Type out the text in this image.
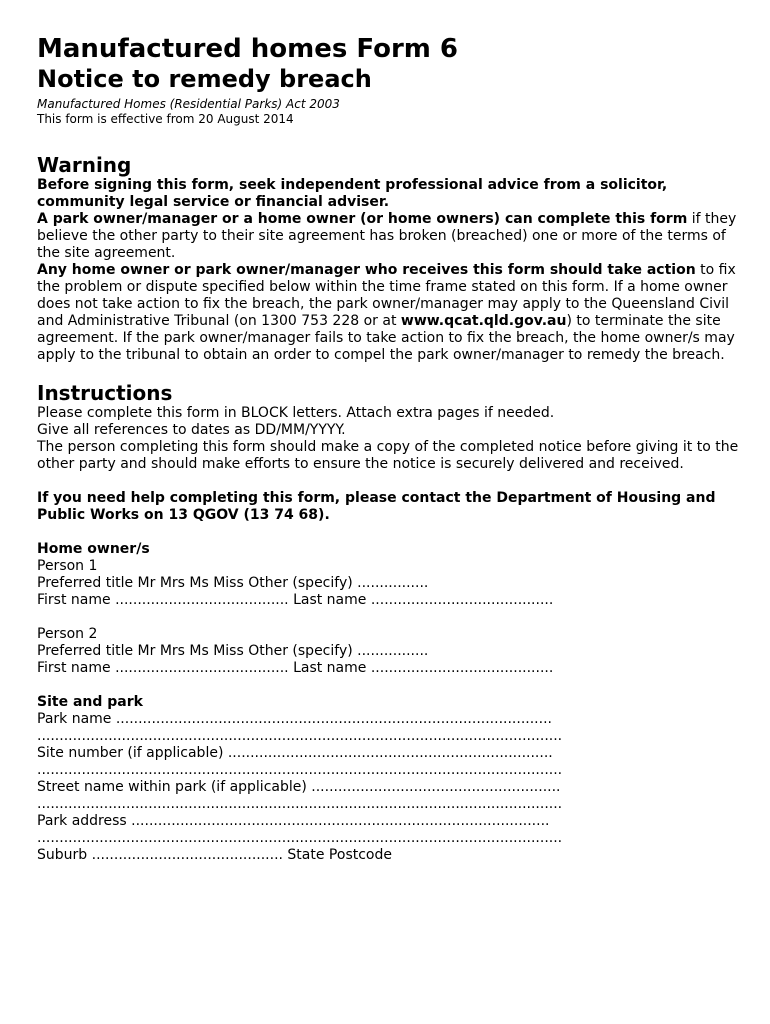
Manufactured homes Form 6
Notice to remedy breach
Manufactured Homes (Residential Parks) Act 2003
This form is effective from 20 August 2014
Warning

Before signing this form, seek independent professional advice from a solicitor, community legal service or financial adviser.

A park owner/manager or a home owner (or home owners) can complete this form if they believe the other party to their site agreement has broken (breached) one or more of the terms of the site agreement.

Any home owner or park owner/manager who receives this form should take action to fix the problem or dispute specified below within the time frame stated on this form. If a home owner does not take action to fix the breach, the park owner/manager may apply to the Queensland Civil and Administrative Tribunal (on 1300 753 228 or at www.qcat.qld.gov.au) to terminate the site agreement. If the park owner/manager fails to take action to fix the breach, the home owner/s may apply to the tribunal to obtain an order to compel the park owner/manager to remedy the breach.

Instructions

Please complete this form in BLOCK letters. Attach extra pages if needed.

Give all references to dates as DD/MM/YYYY.

The person completing this form should make a copy of the completed notice before giving it to the other party and should make efforts to ensure the notice is securely delivered and received.

If you need help completing this form, please contact the Department of Housing and Public Works on 13 QGOV (13 74 68).

Home owner/s
Person 1
Preferred title Mr Mrs Ms Miss Other (specify) ................
First name ....................................... Last name .........................................
Person 2
Preferred title Mr Mrs Ms Miss Other (specify) ................
First name ....................................... Last name .........................................
Site and park
Park name ..................................................................................................
......................................................................................................................
Site number (if applicable) .........................................................................
......................................................................................................................
Street name within park (if applicable) ........................................................
......................................................................................................................
Park address ..............................................................................................
......................................................................................................................
Suburb ........................................... State Postcode
